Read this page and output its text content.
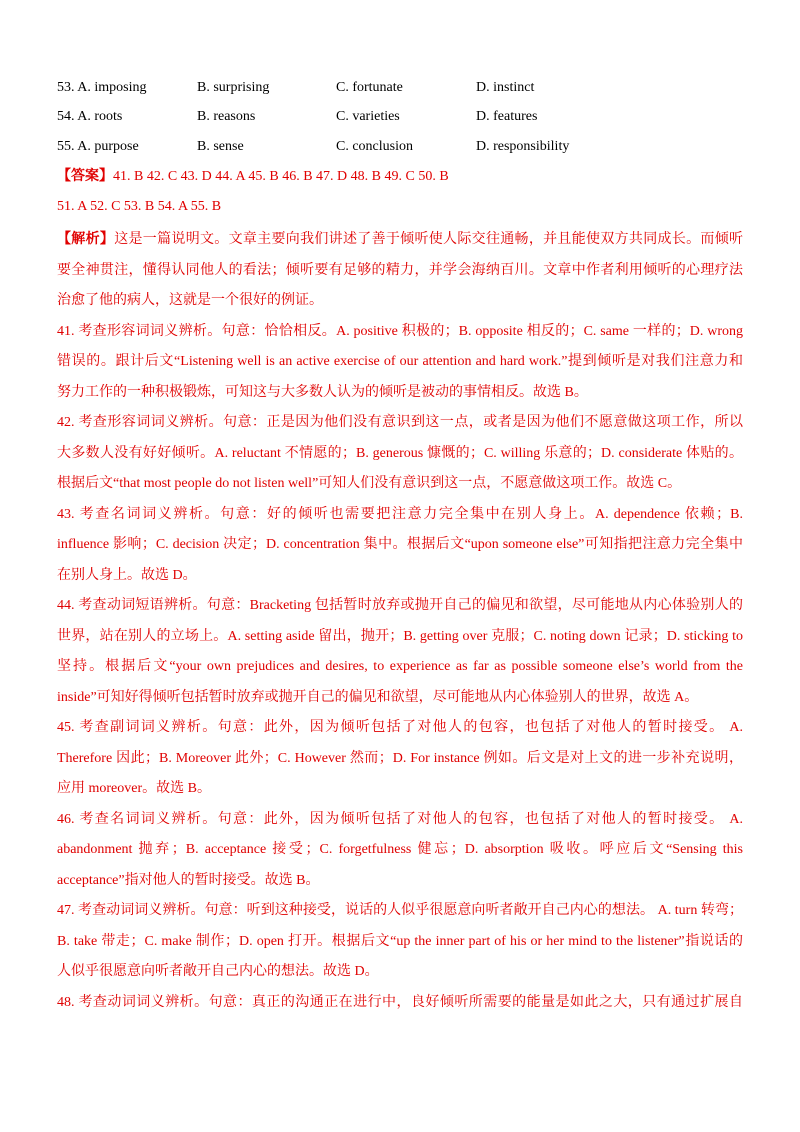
53. A. imposing	B. surprising	C. fortunate	D. instinct
54. A. roots	B. reasons	C. varieties	D. features
55. A. purpose	B. sense	C. conclusion	D. responsibility
【答案】41. B 42. C 43. D 44. A 45. B 46. B 47. D 48. B 49. C 50. B
51. A 52. C 53. B 54. A 55. B
【解析】这是一篇说明文。文章主要向我们讲述了善于倾听使人际交往通畅，并且能使双方共同成长。而倾听
要全神贯注，懂得认同他人的看法；倾听要有足够的精力，并学会海纳百川。文章中作者利用倾听的心理疗法
治愈了他的病人，这就是一个很好的例证。
41. 考查形容词词义辨析。句意：恰恰相反。A. positive 积极的；B. opposite 相反的；C. same 一样的；D. wrong
错误的。跟计后文“Listening well is an active exercise of our attention and hard work.”提到倾听是对我们注意力和
努力工作的一种积极锻炼，可知这与大多数人认为的倾听是被动的事情相反。故选 B。
42. 考查形容词词义辨析。句意：正是因为他们没有意识到这一点，或者是因为他们不愿意做这项工作，所以
大多数人没有好好倾听。A. reluctant 不情愿的；B. generous 慷慨的；C. willing 乐意的；D. considerate 体贴的。
根据后文“that most people do not listen well”可知人们没有意识到这一点，不愿意做这项工作。故选 C。
43. 考查名词词义辨析。句意：好的倾听也需要把注意力完全集中在别人身上。A. dependence 依赖；B.
influence 影响；C. decision 决定；D. concentration 集中。根据后文“upon someone else”可知指把注意力完全集中
在别人身上。故选 D。
44. 考查动词短语辨析。句意：Bracketing 包括暂时放弃或抛开自己的偏见和欲望，尽可能地从内心体验别人的
世界，站在别人的立场上。A. setting aside 留出，抛开；B. getting over 克服；C. noting down 记录；D. sticking to
坚持。根据后文“your own prejudices and desires, to experience as far as possible someone else’s world from the
inside”可知好得倾听包括暂时放弃或抛开自己的偏见和欲望，尽可能地从内心体验别人的世界，故选 A。
45. 考查副词词义辨析。句意：此外，因为倾听包括了对他人的包容，也包括了对他人的暂时接受。 A.
Therefore 因此；B. Moreover 此外；C. However 然而；D. For instance 例如。后文是对上文的进一步补充说明，
应用 moreover。故选 B。
46. 考查名词词义辨析。句意：此外，因为倾听包括了对他人的包容，也包括了对他人的暂时接受。 A.
abandonment 抛弃；B. acceptance 接受；C. forgetfulness 健忘；D. absorption 吸收。呼应后文“Sensing this
acceptance”指对他人的暂时接受。故选 B。
47. 考查动词词义辨析。句意：听到这种接受，说话的人似乎很愿意向听者敞开自己内心的想法。 A. turn 转弯；
B. take 带走；C. make 制作；D. open 打开。根据后文“up the inner part of his or her mind to the listener”指说话的
人似乎很愿意向听者敞开自己内心的想法。故选 D。
48. 考查动词词义辨析。句意：真正的沟通正在进行中，良好倾听所需要的能量是如此之大，只有通过扩展自
